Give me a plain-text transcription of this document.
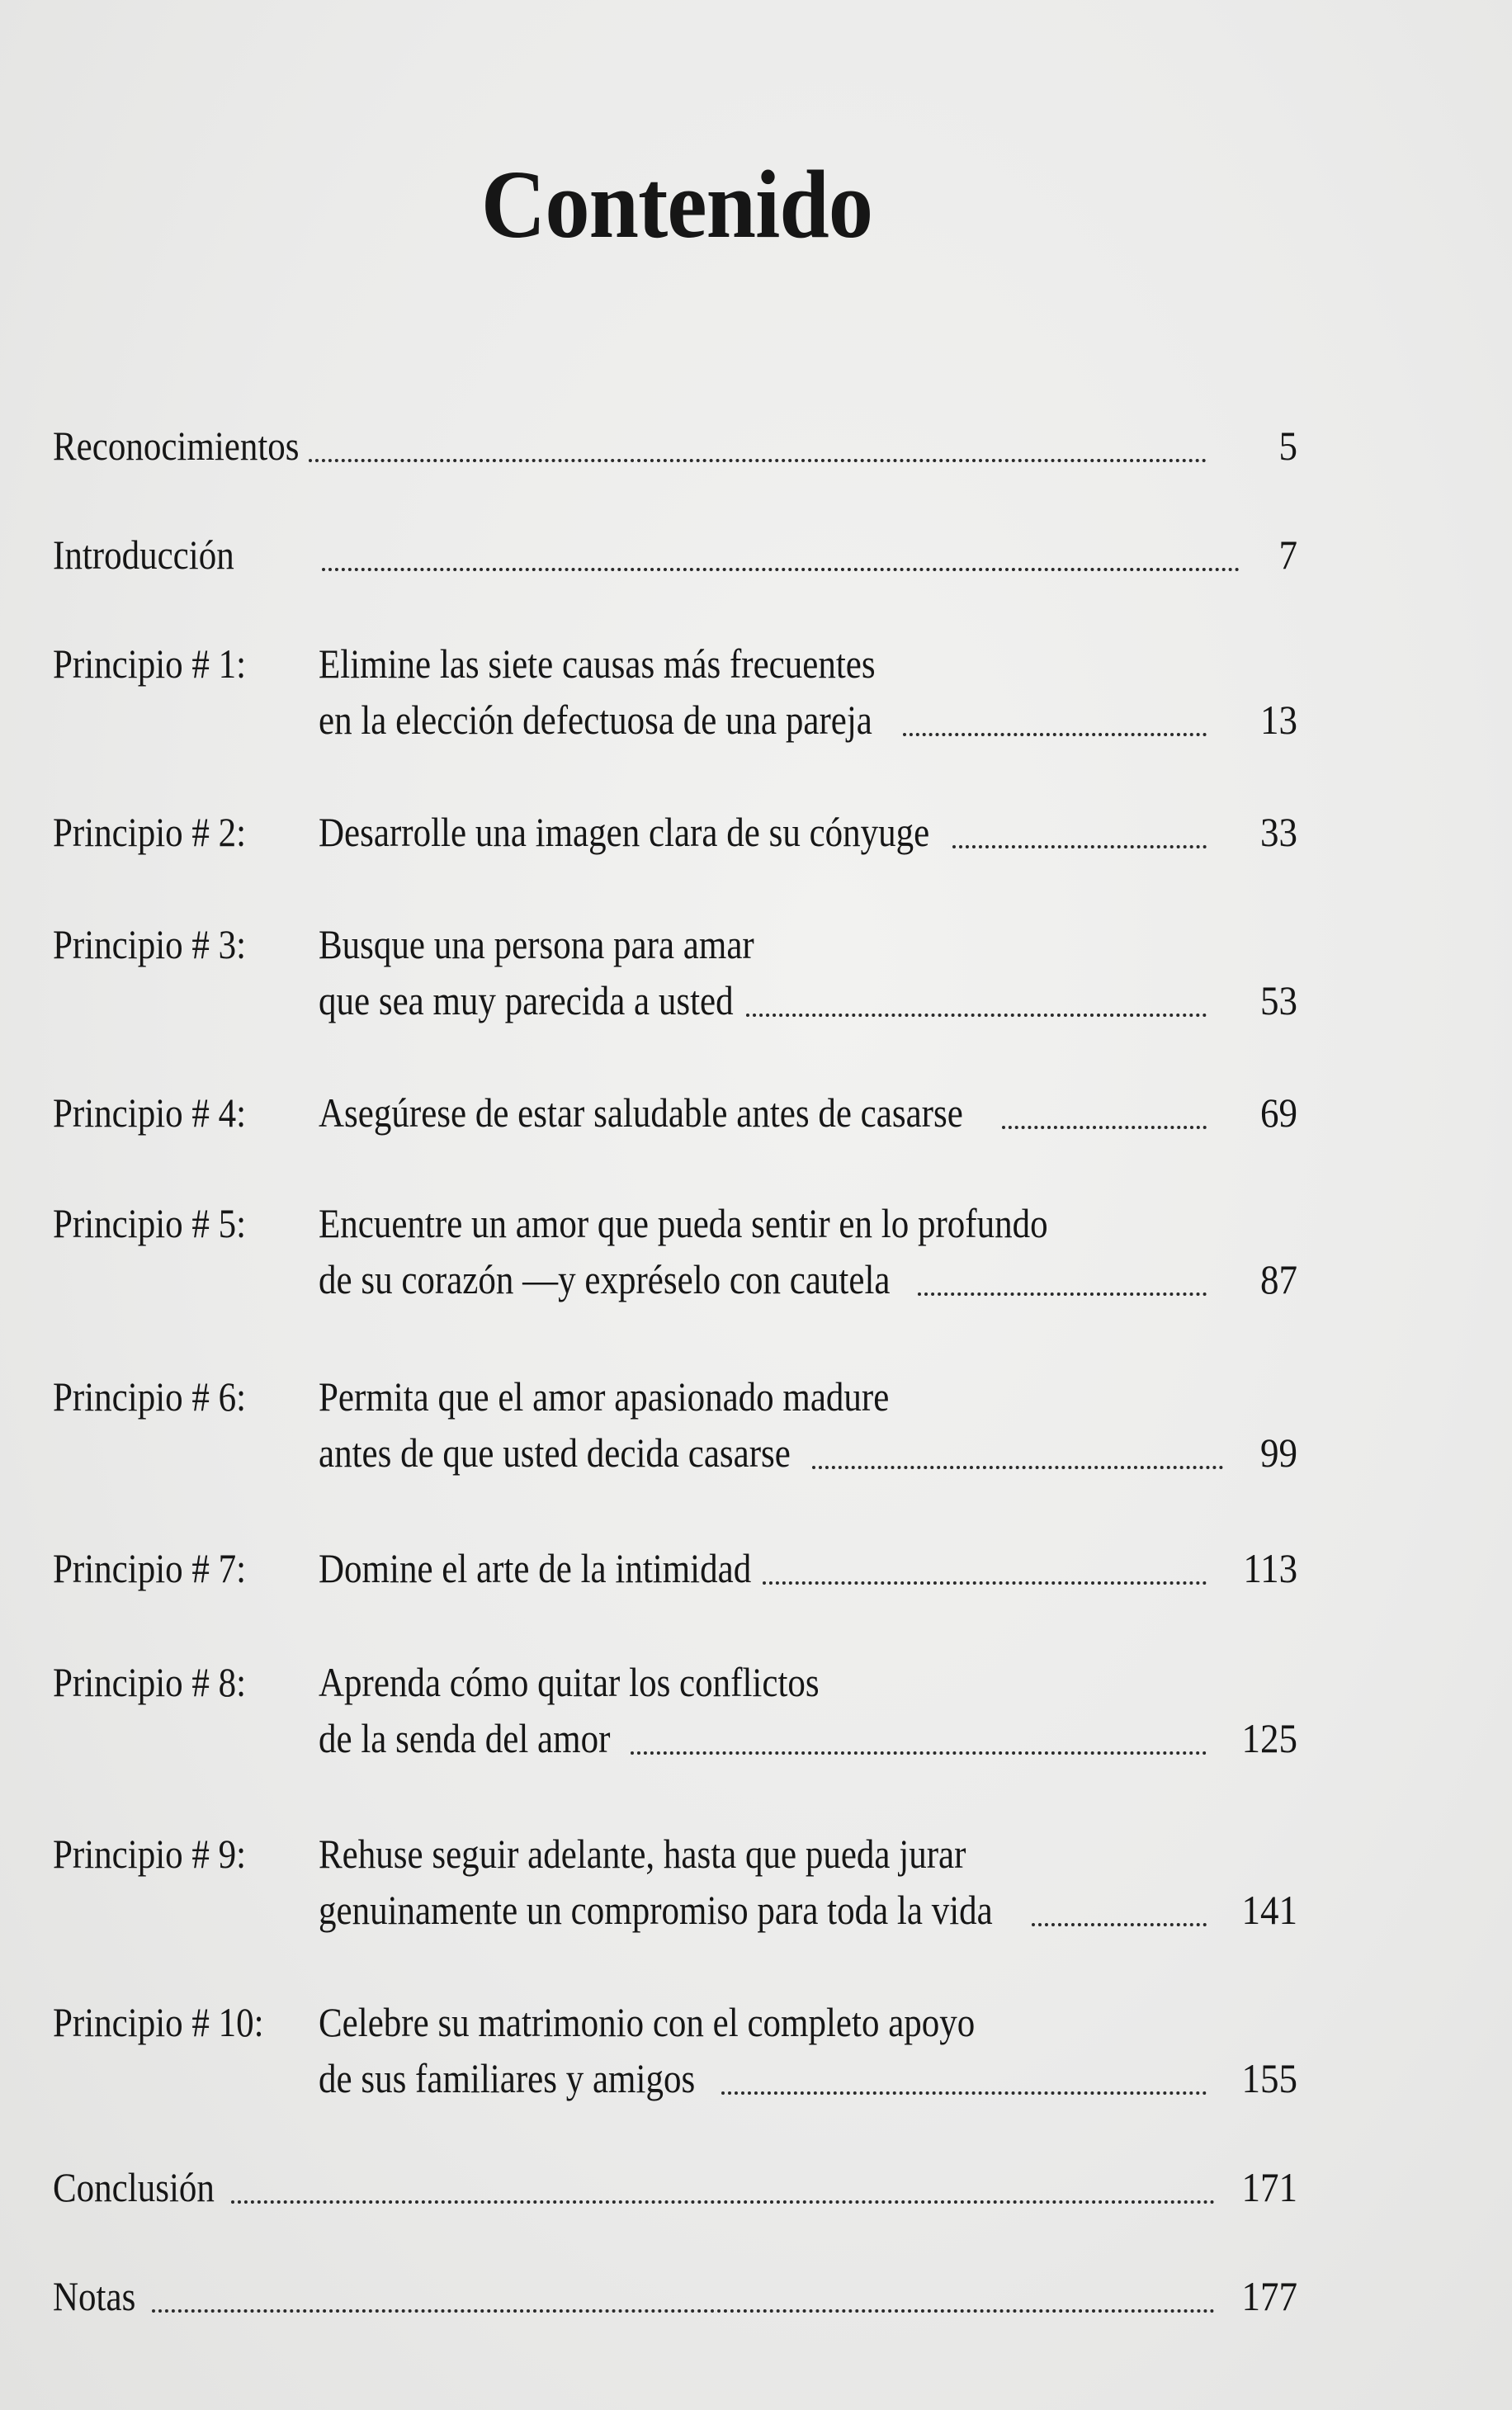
Contenido
Reconocimientos	5
Introducción	7
Principio # 1: Elimine las siete causas más frecuentes
en la elección defectuosa de una pareja	13
Principio # 2: Desarrolle una imagen clara de su cónyuge	33
Principio # 3: Busque una persona para amar
que sea muy parecida a usted	53
Principio # 4: Asegúrese de estar saludable antes de casarse	69
Principio # 5: Encuentre un amor que pueda sentir en lo profundo
de su corazón —y expréselo con cautela	87
Principio # 6: Permita que el amor apasionado madure
antes de que usted decida casarse	99
Principio # 7: Domine el arte de la intimidad	113
Principio # 8: Aprenda cómo quitar los conflictos
de la senda del amor	125
Principio # 9: Rehuse seguir adelante, hasta que pueda jurar
genuinamente un compromiso para toda la vida	141
Principio # 10: Celebre su matrimonio con el completo apoyo
de sus familiares y amigos	155
Conclusión	171
Notas	177
